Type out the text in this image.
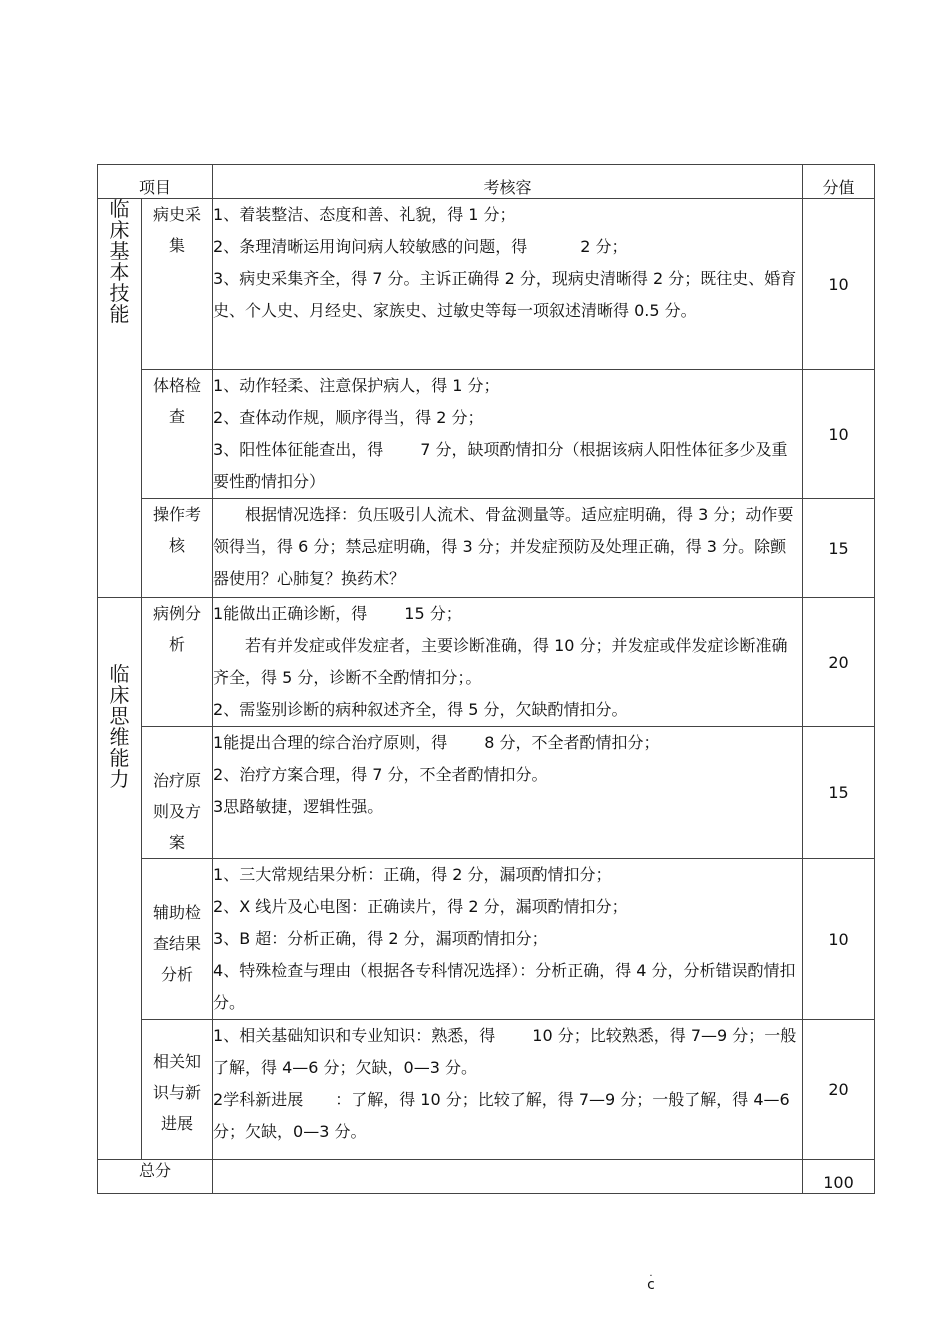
项目		考核容	分值

临床基本技能	病史采集	1、着装整洁、态度和善、礼貌，得 1 分；

2、条理清晰运用询问病人较敏感的问题，得　　　 2 分；

3、病史采集齐全，得 7 分。主诉正确得 2 分，现病史清晰得 2 分；既往史、婚育史、个人史、月经史、家族史、过敏史等每一项叙述清晰得 0.5 分。	10

	体格检查	1、动作轻柔、注意保护病人，得 1 分；

2、查体动作规，顺序得当，得 2 分；

3、阳性体征能查出，得　　 7 分，缺项酌情扣分（根据该病人阳性体征多少及重要性酌情扣分）	10

	操作考核	　　根据情况选择：负压吸引人流术、骨盆测量等。适应症明确，得 3 分；动作要领得当，得 6 分；禁忌症明确，得 3 分；并发症预防及处理正确，得 3 分。除颤器使用？心肺复？换药术？	15

临床思维能力	病例分析	1能做出正确诊断，得　　 15 分；

　　若有并发症或伴发症者，主要诊断准确，得 10 分；并发症或伴发症诊断准确齐全，得 5 分，诊断不全酌情扣分；。

2、需鉴别诊断的病种叙述齐全，得 5 分，欠缺酌情扣分。	20

	治疗原则及方案	1能提出合理的综合治疗原则，得　　 8 分，不全者酌情扣分；

2、治疗方案合理，得 7 分，不全者酌情扣分。

3思路敏捷，逻辑性强。	15

	辅助检查结果分析	1、三大常规结果分析：正确，得 2 分，漏项酌情扣分；

2、X 线片及心电图：正确读片，得 2 分，漏项酌情扣分；

3、B 超：分析正确，得 2 分，漏项酌情扣分；

4、特殊检查与理由（根据各专科情况选择）：分析正确，得 4 分，分析错误酌情扣分。	10

	相关知识与新进展	1、相关基础知识和专业知识：熟悉，得　　 10 分；比较熟悉，得 7—9 分；一般了解，得 4—6 分；欠缺，0—3 分。

2学科新进展　　：了解，得 10 分；比较了解，得 7—9 分；一般了解，得 4—6 分；欠缺，0—3 分。	20
总分			100
.
c
